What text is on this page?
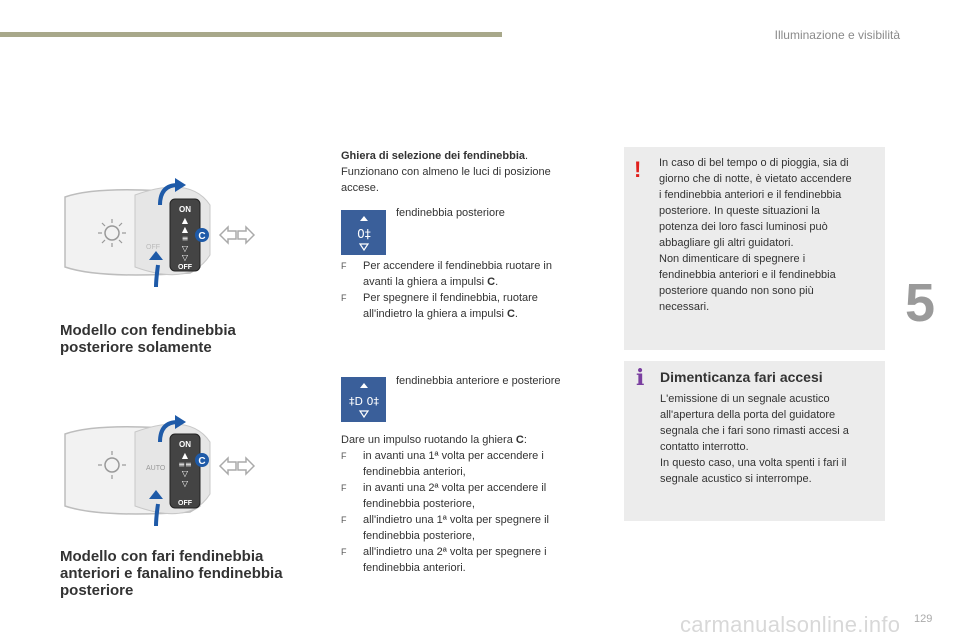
Illuminazione e visibilità
5
ON
▲
▲
≡
▽
▽
OFF
OFF
C
Modello con fendinebbia
posteriore solamente
ON
▲
≡≡
▽
▽
OFF
AUTO
C
Modello con fari fendinebbia
anteriori e fanalino fendinebbia
posteriore
Ghiera di selezione dei fendinebbia.
Funzionano con almeno le luci di posizione
accese.
0‡
fendinebbia posteriore
F Per accendere il fendinebbia ruotare in
avanti la ghiera a impulsi C.
F Per spegnere il fendinebbia, ruotare
all'indietro la ghiera a impulsi C.
‡D 0‡
fendinebbia anteriore e posteriore
Dare un impulso ruotando la ghiera C:
F in avanti una 1ª volta per accendere i
fendinebbia anteriori,
F in avanti una 2ª volta per accendere il
fendinebbia posteriore,
F all'indietro una 1ª volta per spegnere il
fendinebbia posteriore,
F all'indietro una 2ª volta per spegnere i
fendinebbia anteriori.
! In caso di bel tempo o di pioggia, sia di
giorno che di notte, è vietato accendere
i fendinebbia anteriori e il fendinebbia
posteriore. In queste situazioni la
potenza dei loro fasci luminosi può
abbagliare gli altri guidatori.
Non dimenticare di spegnere i
fendinebbia anteriori e il fendinebbia
posteriore quando non sono più
necessari.
i Dimenticanza fari accesi
L'emissione di un segnale acustico
all'apertura della porta del guidatore
segnala che i fari sono rimasti accesi a
contatto interrotto.
In questo caso, una volta spenti i fari il
segnale acustico si interrompe.
carmanualsonline.info 129
